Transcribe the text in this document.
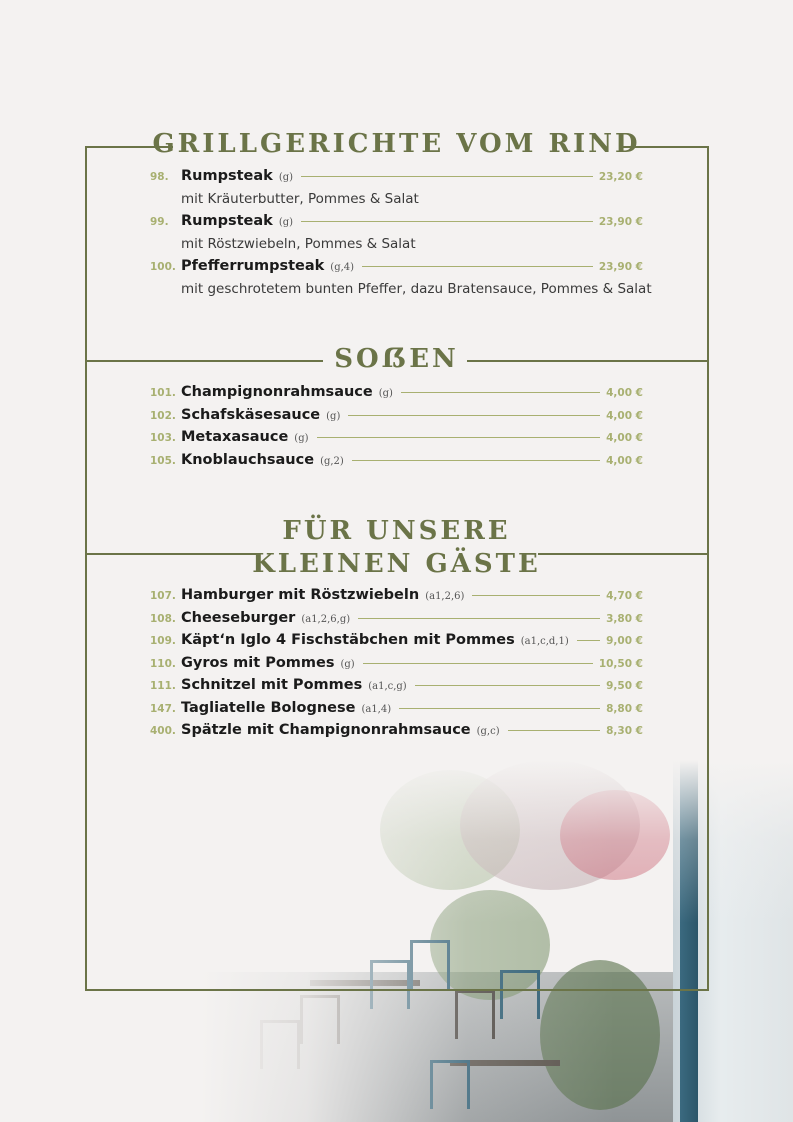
GRILLGERICHTE VOM RIND
SOẞEN
FÜR UNSERE
KLEINEN GÄSTE
98. Rumpsteak (g)	23,20 €
mit Kräuterbutter, Pommes & Salat
99. Rumpsteak (g)	23,90 €
mit Röstzwiebeln, Pommes & Salat
100. Pfefferrumpsteak (g,4)	23,90 €
mit geschrotetem bunten Pfeffer, dazu Bratensauce, Pommes & Salat
101. Champignonrahmsauce (g)	4,00 €
102. Schafskäsesauce (g)	4,00 €
103. Metaxasauce (g)	4,00 €
105. Knoblauchsauce (g,2)	4,00 €
107. Hamburger mit Röstzwiebeln (a1,2,6)	4,70 €
108. Cheeseburger (a1,2,6,g)	3,80 €
109. Käpt‘n Iglo 4 Fischstäbchen mit Pommes (a1,c,d,1)	9,00 €
110. Gyros mit Pommes (g)	10,50 €
111. Schnitzel mit Pommes (a1,c,g)	9,50 €
147. Tagliatelle Bolognese (a1,4)	8,80 €
400. Spätzle mit Champignonrahmsauce (g,c)	8,30 €
